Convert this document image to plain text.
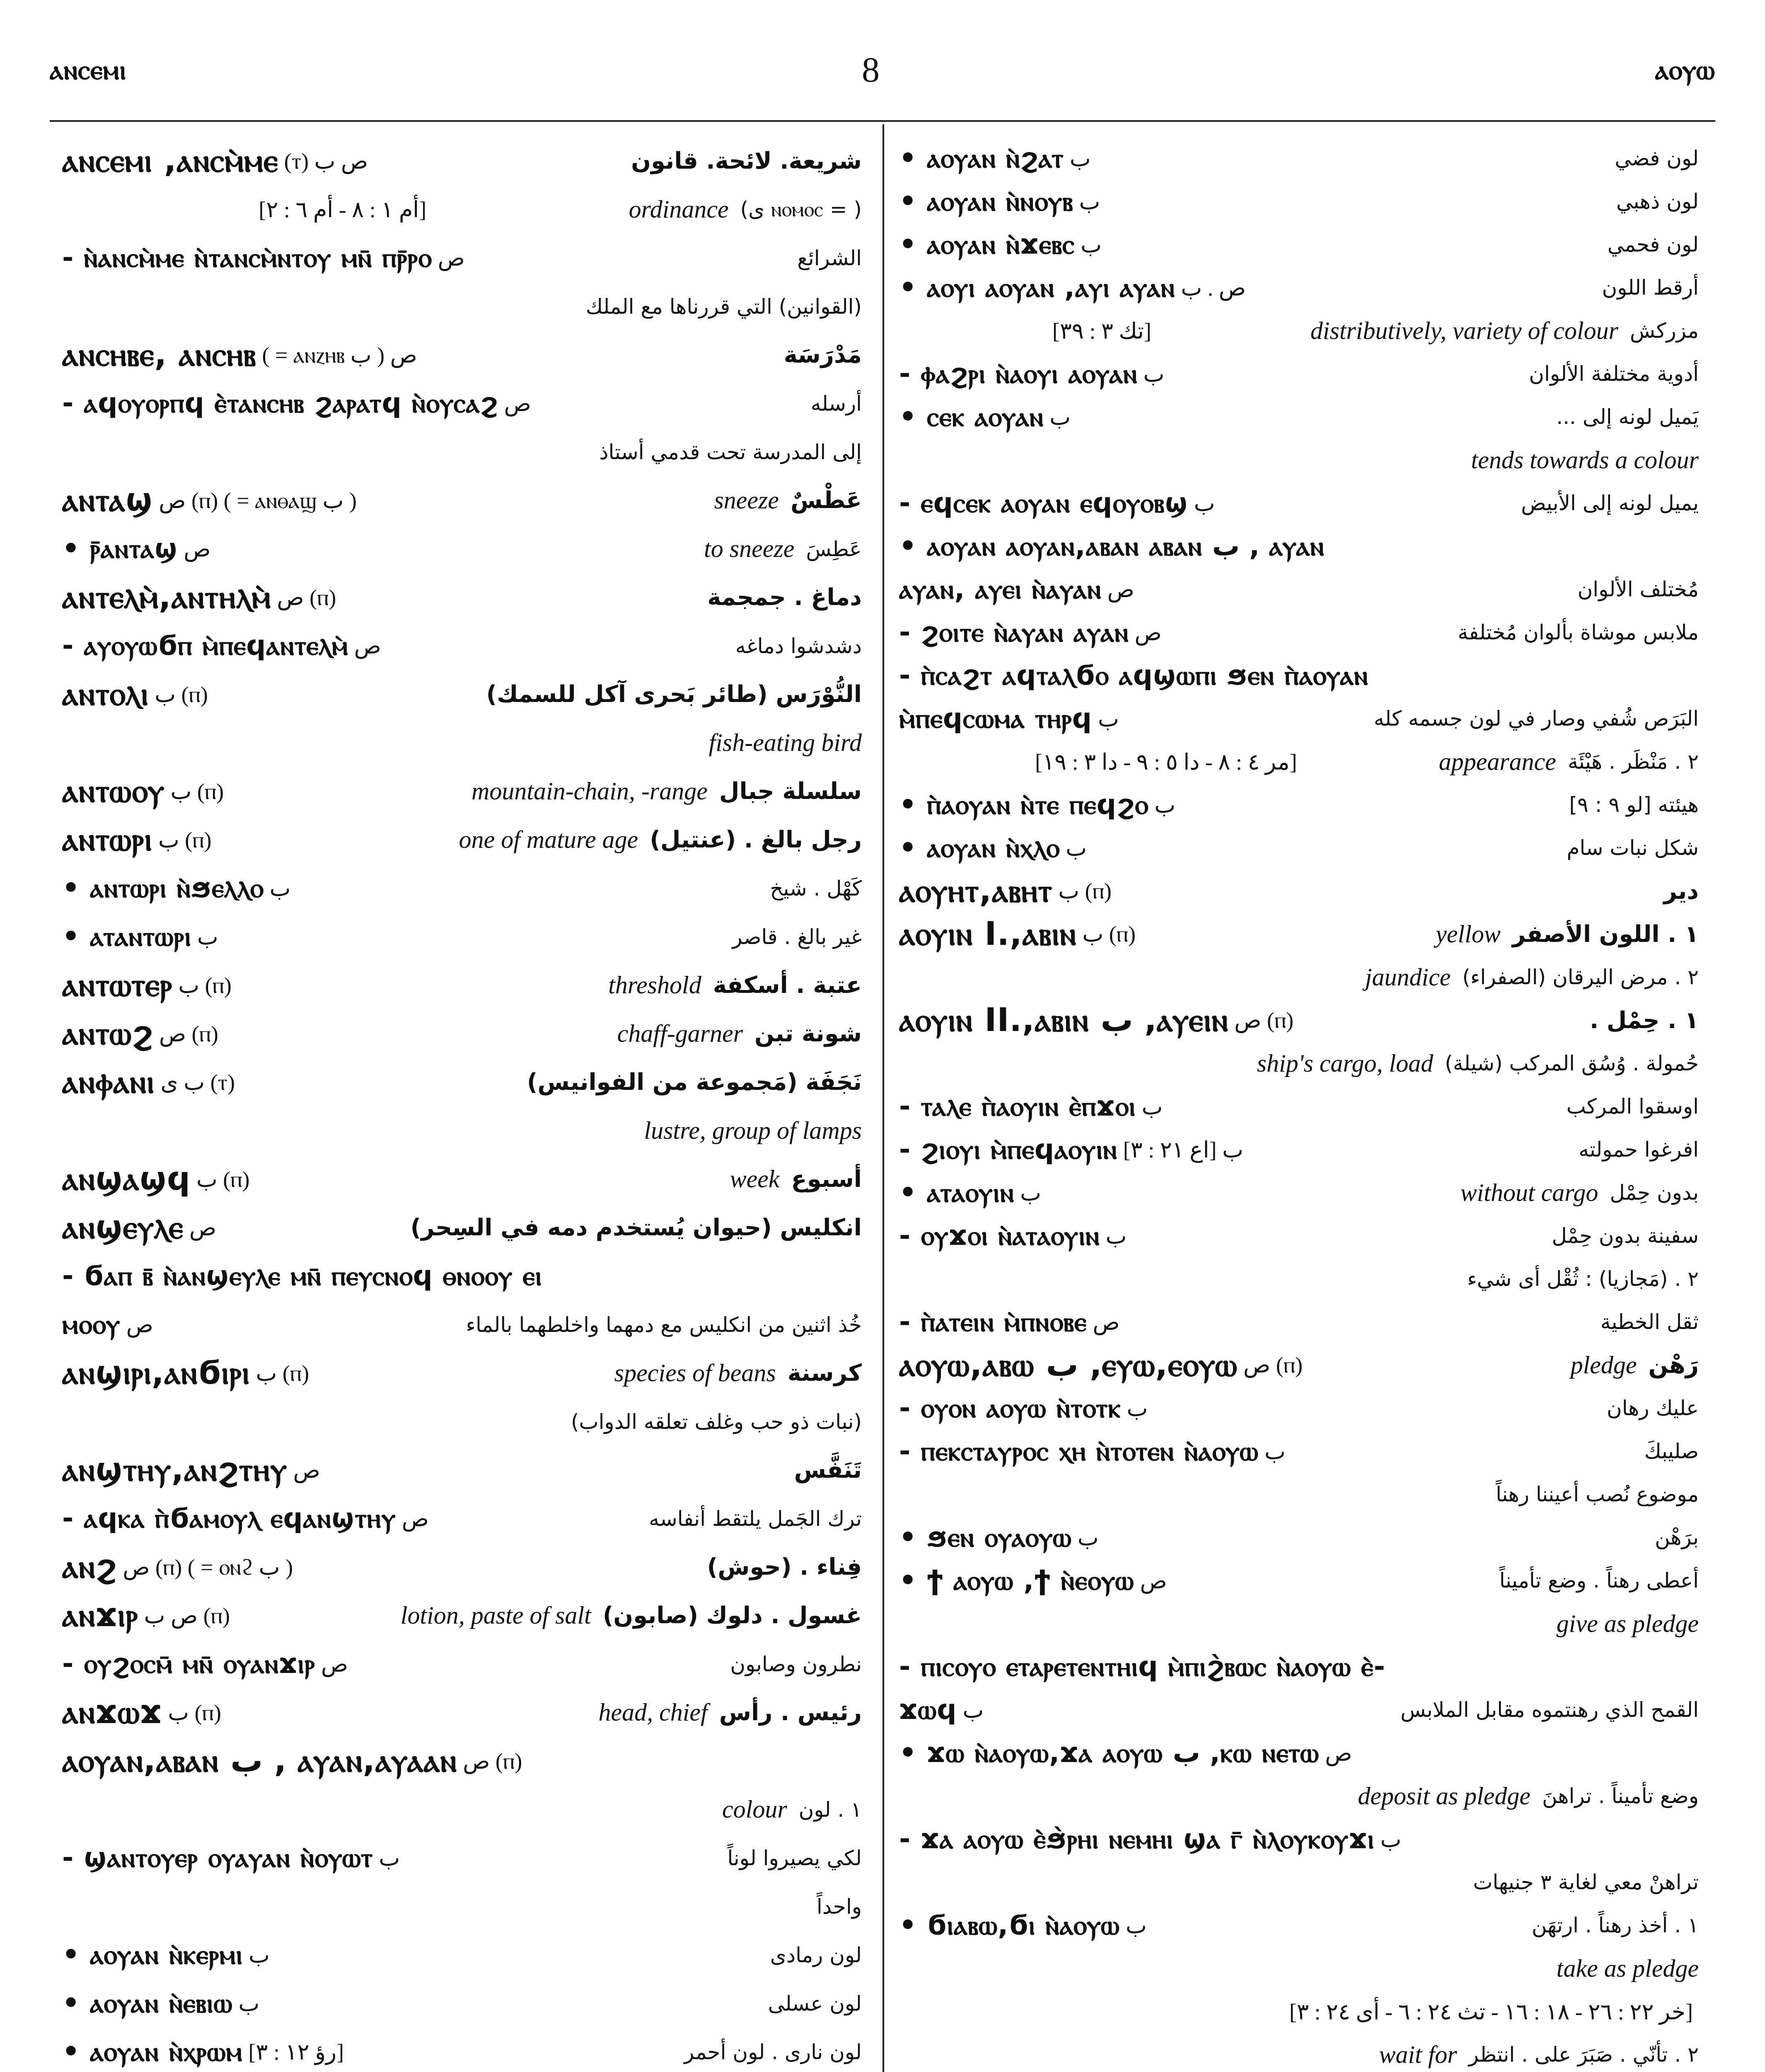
ⲁⲛⲥⲉⲙⲓ	8	ⲁⲟⲩⲱ
ⲁⲛⲥⲉⲙⲓ ,ⲁⲛⲥⲙ̀ⲙⲉ (ⲧ) ص ب	شريعة. لائحة. قانون
[أم ١ : ٨ - أم ٦ : ٢]	ordinance ( = ⲛⲟⲙⲟⲥ ى)
- ⲛ̀ⲁⲛⲥⲙ̀ⲙⲉ ⲛ̀ⲧⲁⲛⲥⲙ̀ⲛⲧⲟⲩ ⲙⲛ̄ ⲡⲣ̄ⲣⲟ ص	الشرائع
(القوانين) التي قررناها مع الملك
ⲁⲛⲥⲏⲃⲉ, ⲁⲛⲥⲏⲃ ( = ⲁⲛⲍⲏⲃ ب ) ص	مَدْرَسَة
- ⲁϥⲟⲩⲟⲣⲡϥ ⲉ̀ⲧⲁⲛⲥⲏⲃ ϩⲁⲣⲁⲧϥ ⲛ̀ⲟⲩⲥⲁϩ ص	أرسله
إلى المدرسة تحت قدمي أستاذ
ⲁⲛⲧⲁϣ ص (ⲡ) ( = ⲁⲛⲑⲁϣ ب )	sneeze عَطْسٌ
• ⲣ̄ⲁⲛⲧⲁϣ ص	to sneeze عَطِسَ
ⲁⲛⲧⲉⲗⲙ̀,ⲁⲛⲧⲏⲗⲙ̀ ص (ⲡ)	دماغ . جمجمة
- ⲁⲩⲟⲩⲱϭⲡ ⲙ̀ⲡⲉϥⲁⲛⲧⲉⲗⲙ̀ ص	دشدشوا دماغه
ⲁⲛⲧⲟⲗⲓ ب (ⲡ)	النُّوْرَس (طائر بَحرى آكل للسمك)
fish-eating bird
ⲁⲛⲧⲱⲟⲩ ب (ⲡ)	mountain-chain, -range سلسلة جبال
ⲁⲛⲧⲱⲣⲓ ب (ⲡ)	one of mature age رجل بالغ . (عنتيل)
• ⲁⲛⲧⲱⲣⲓ ⲛ̀ϧⲉⲗⲗⲟ ب	كَهْل . شيخ
• ⲁⲧⲁⲛⲧⲱⲣⲓ ب	غير بالغ . قاصر
ⲁⲛⲧⲱⲧⲉⲣ ب (ⲡ)	threshold عتبة . أسكفة
ⲁⲛⲧⲱϩ ص (ⲡ)	chaff-garner شونة تبن
ⲁⲛⲫⲁⲛⲓ ب ى (ⲧ)	نَجَفَة (مَجموعة من الفوانيس)
lustre, group of lamps
ⲁⲛϣⲁϣϥ ب (ⲡ)	week أسبوع
ⲁⲛϣⲉⲩⲗⲉ ص	انكليس (حيوان يُستخدم دمه في السِحر)
- ϭⲁⲡ ⲃ̄ ⲛ̀ⲁⲛϣⲉⲩⲗⲉ ⲙⲛ̄ ⲡⲉⲩⲥⲛⲟϥ ⲑⲛⲟⲟⲩ ⲉⲓ
ⲙⲟⲟⲩ ص	خُذ اثنين من انكليس مع دمهما واخلطهما بالماء
ⲁⲛϣⲓⲣⲓ,ⲁⲛϭⲓⲣⲓ ب (ⲡ)	species of beans كرسنة
(نبات ذو حب وغلف تعلقه الدواب)
ⲁⲛϣⲧⲏⲩ,ⲁⲛϩⲧⲏⲩ ص	تَنَفَّس
- ⲁϥⲕⲁ ⲡ̀ϭⲁⲙⲟⲩⲗ ⲉϥⲁⲛϣⲧⲏⲩ ص	ترك الجَمل يلتقط أنفاسه
ⲁⲛϩ ص (ⲡ) ( = ⲟⲛϩ ب )	فِناء . (حوش)
ⲁⲛϫⲓⲣ ص ب (ⲡ)	lotion, paste of salt غسول . دلوك (صابون)
- ⲟⲩϩⲟⲥⲙ̄ ⲙⲛ̄ ⲟⲩⲁⲛϫⲓⲣ ص	نطرون وصابون
ⲁⲛϫⲱϫ ب (ⲡ)	head, chief رئيس . رأس
ⲁⲟⲩⲁⲛ,ⲁⲃⲁⲛ ب , ⲁⲩⲁⲛ,ⲁⲩⲁⲁⲛ ص (ⲡ)
colour ١ . لون
- ϣⲁⲛⲧⲟⲩⲉⲣ ⲟⲩⲁⲩⲁⲛ ⲛ̀ⲟⲩⲱⲧ ب	لكي يصيروا لوناً
واحداً
• ⲁⲟⲩⲁⲛ ⲛ̀ⲕⲉⲣⲙⲓ ب	لون رمادى
• ⲁⲟⲩⲁⲛ ⲛ̀ⲉⲃⲓⲱ ب	لون عسلى
• ⲁⲟⲩⲁⲛ ⲛ̀ⲭⲣⲱⲙ [رؤ ١٢ : ٣]	لون نارى . لون أحمر
• ⲁⲟⲩⲁⲛ ⲛ̀ϩⲁⲧ ب	لون فضي
• ⲁⲟⲩⲁⲛ ⲛ̀ⲛⲟⲩⲃ ب	لون ذهبي
• ⲁⲟⲩⲁⲛ ⲛ̀ϫⲉⲃⲥ ب	لون فحمي
• ⲁⲟⲩⲓ ⲁⲟⲩⲁⲛ ,ⲁⲩⲓ ⲁⲩⲁⲛ ص . ب	أرقط اللون
[تك ٣ : ٣٩]	distributively, variety of colour مزركش
- ⲫⲁϩⲣⲓ ⲛ̀ⲁⲟⲩⲓ ⲁⲟⲩⲁⲛ ب	أدوية مختلفة الألوان
• ⲥⲉⲕ ⲁⲟⲩⲁⲛ ب	يَميل لونه إلى ...
tends towards a colour
- ⲉϥⲥⲉⲕ ⲁⲟⲩⲁⲛ ⲉϥⲟⲩⲟⲃϣ ب	يميل لونه إلى الأبيض
• ⲁⲟⲩⲁⲛ ⲁⲟⲩⲁⲛ,ⲁⲃⲁⲛ ⲁⲃⲁⲛ ب , ⲁⲩⲁⲛ
ⲁⲩⲁⲛ, ⲁⲩⲉⲓ ⲛ̀ⲁⲩⲁⲛ ص	مُختلف الألوان
- ϩⲟⲓⲧⲉ ⲛ̀ⲁⲩⲁⲛ ⲁⲩⲁⲛ ص	ملابس موشاة بألوان مُختلفة
- ⲡ̀ⲥⲁϩⲧ ⲁϥⲧⲁⲗϭⲟ ⲁϥϣⲱⲡⲓ ϧⲉⲛ ⲡ̀ⲁⲟⲩⲁⲛ
ⲙ̀ⲡⲉϥⲥⲱⲙⲁ ⲧⲏⲣϥ ب	البَرَص شُفي وصار في لون جسمه كله
[مر ٤ : ٨ - دا ٥ : ٩ - دا ٣ : ١٩]	appearance ٢ . مَنْظَر . هَيْئَة
• ⲡ̀ⲁⲟⲩⲁⲛ ⲛ̀ⲧⲉ ⲡⲉϥϩⲟ ب	هيئته [لو ٩ : ٩]
• ⲁⲟⲩⲁⲛ ⲛ̀ⲭⲗⲟ ب	شكل نبات سام
ⲁⲟⲩⲏⲧ,ⲁⲃⲏⲧ ب (ⲡ)	دير
ⲁⲟⲩⲓⲛ I.,ⲁⲃⲓⲛ ب (ⲡ)	yellow ١ . اللون الأصفر
jaundice ٢ . مرض اليرقان (الصفراء)
ⲁⲟⲩⲓⲛ II.,ⲁⲃⲓⲛ ب ,ⲁⲩⲉⲓⲛ ص (ⲡ)	١ . حِمْل .
ship's cargo, load حُمولة . وُسُق المركب (شيلة)
- ⲧⲁⲗⲉ ⲡ̀ⲁⲟⲩⲓⲛ ⲉ̀ⲡϫⲟⲓ ب	اوسقوا المركب
- ϩⲓⲟⲩⲓ ⲙ̀ⲡⲉϥⲁⲟⲩⲓⲛ [اع ٢١ : ٣] ب	افرغوا حمولته
• ⲁⲧⲁⲟⲩⲓⲛ ب	without cargo بدون حِمْل
- ⲟⲩϫⲟⲓ ⲛ̀ⲁⲧⲁⲟⲩⲓⲛ ب	سفينة بدون حِمْل
٢ . (مَجازيا) : ثُقْل أى شيء
- ⲡ̀ⲁⲧⲉⲓⲛ ⲙ̀ⲡⲛⲟⲃⲉ ص	ثقل الخطية
ⲁⲟⲩⲱ,ⲁⲃⲱ ب ,ⲉⲩⲱ,ⲉⲟⲩⲱ ص (ⲡ)	pledge رَهْن
- ⲟⲩⲟⲛ ⲁⲟⲩⲱ ⲛ̀ⲧⲟⲧⲕ ب	عليك رهان
- ⲡⲉⲕⲥⲧⲁⲩⲣⲟⲥ ⲭⲏ ⲛ̀ⲧⲟⲧⲉⲛ ⲛ̀ⲁⲟⲩⲱ ب	صليبكَ
موضوع نُصب أعيننا رهناً
• ϧⲉⲛ ⲟⲩⲁⲟⲩⲱ ب	برَهْن
• ϯ ⲁⲟⲩⲱ ,ϯ ⲛ̀ⲉⲟⲩⲱ ص	أعطى رهناً . وضع تأميناً
give as pledge
- ⲡⲓⲥⲟⲩⲟ ⲉⲧⲁⲣⲉⲧⲉⲛⲧⲏⲓϥ ⲙ̀ⲡⲓϩ̀ⲃⲱⲥ ⲛ̀ⲁⲟⲩⲱ ⲉ̀-
ϫⲱϥ ب	القمح الذي رهنتموه مقابل الملابس
• ϫⲱ ⲛ̀ⲁⲟⲩⲱ,ϫⲁ ⲁⲟⲩⲱ ب ,ⲕⲱ ⲛⲉⲧⲱ ص
deposit as pledge وضع تأميناً . تراهنَ
- ϫⲁ ⲁⲟⲩⲱ ⲉ̀ϧ̀ⲣⲏⲓ ⲛⲉⲙⲏⲓ ϣⲁ ⲅ̄ ⲛ̀ⲗⲟⲩⲕⲟⲩϫⲓ ب
تراهنْ معي لغاية ٣ جنيهات
• ϭⲓⲁⲃⲱ,ϭⲓ ⲛ̀ⲁⲟⲩⲱ ب	١ . أخذ رهناً . ارتهَن
take as pledge
[خر ٢٢ : ٢٦ - ١٨ : ١٦ - تث ٢٤ : ٦ - أى ٢٤ : ٣]
wait for ٢ . تأنّي . صَبَرَ على . انتظر
